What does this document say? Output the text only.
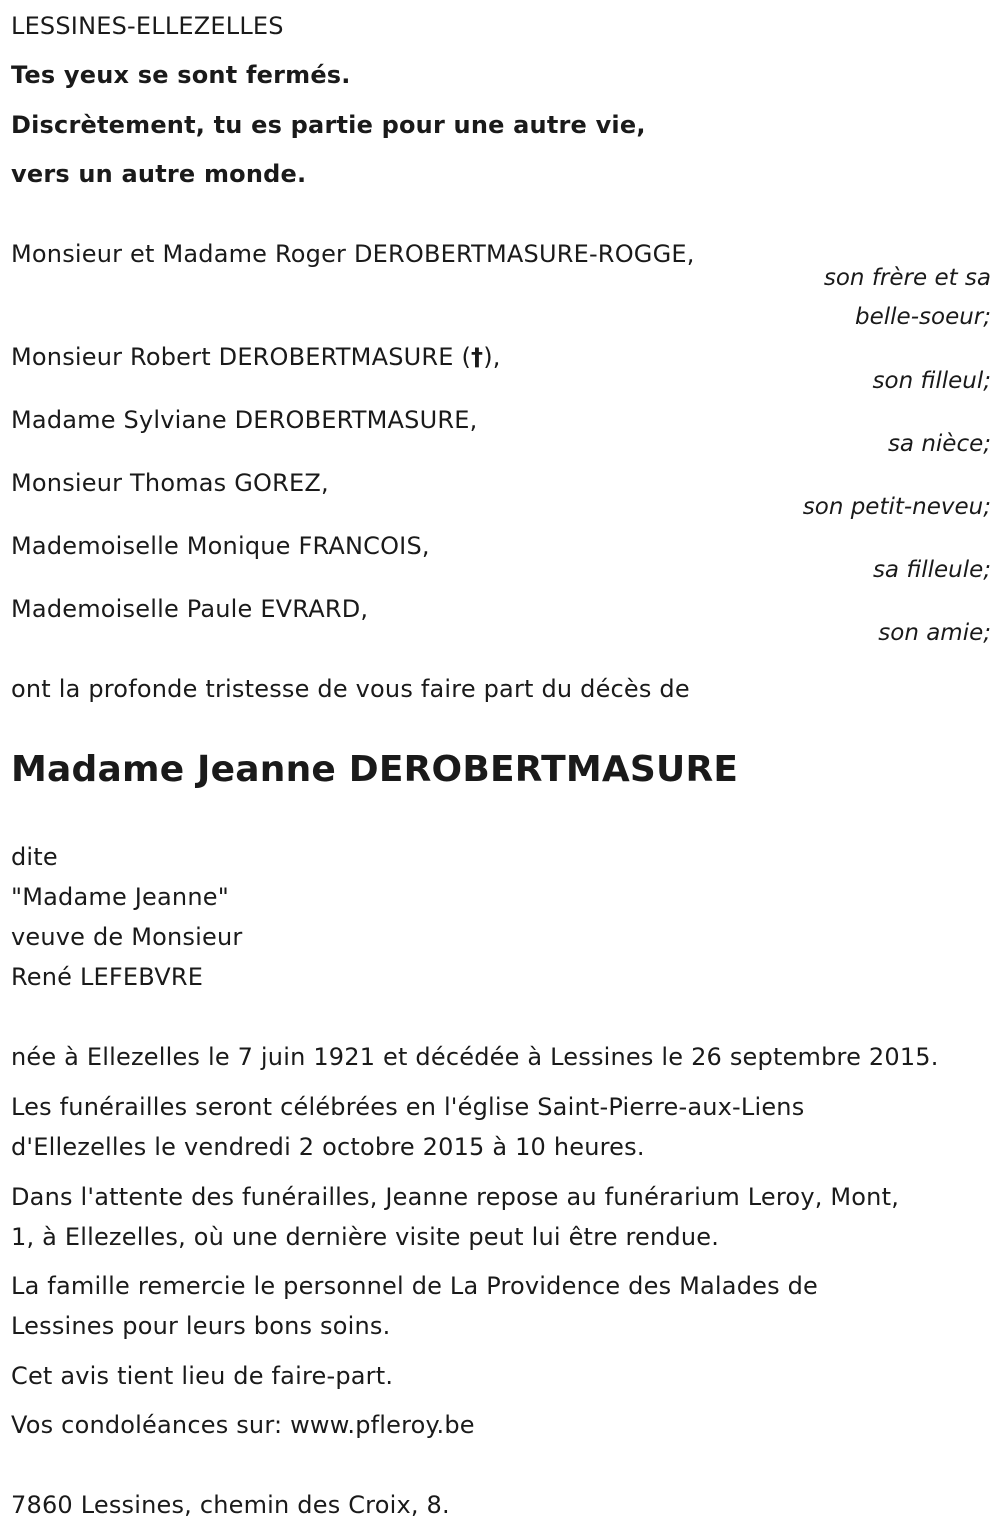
LESSINES-ELLEZELLES
Tes yeux se sont fermés.
Discrètement, tu es partie pour une autre vie,
vers un autre monde.
Monsieur et Madame Roger DEROBERTMASURE-ROGGE,
son frère et sa
belle-soeur;
Monsieur Robert DEROBERTMASURE (†),
son filleul;
Madame Sylviane DEROBERTMASURE,
sa nièce;
Monsieur Thomas GOREZ,
son petit-neveu;
Mademoiselle Monique FRANCOIS,
sa filleule;
Mademoiselle Paule EVRARD,
son amie;
ont la profonde tristesse de vous faire part du décès de
Madame Jeanne DEROBERTMASURE
dite
"Madame Jeanne"
veuve de Monsieur
René LEFEBVRE
née à Ellezelles le 7 juin 1921 et décédée à Lessines le 26 septembre 2015.
Les funérailles seront célébrées en l'église Saint-Pierre-aux-Liens
d'Ellezelles le vendredi 2 octobre 2015 à 10 heures.
Dans l'attente des funérailles, Jeanne repose au funérarium Leroy, Mont,
1, à Ellezelles, où une dernière visite peut lui être rendue.
La famille remercie le personnel de La Providence des Malades de
Lessines pour leurs bons soins.
Cet avis tient lieu de faire-part.
Vos condoléances sur: www.pfleroy.be
7860 Lessines, chemin des Croix, 8.
